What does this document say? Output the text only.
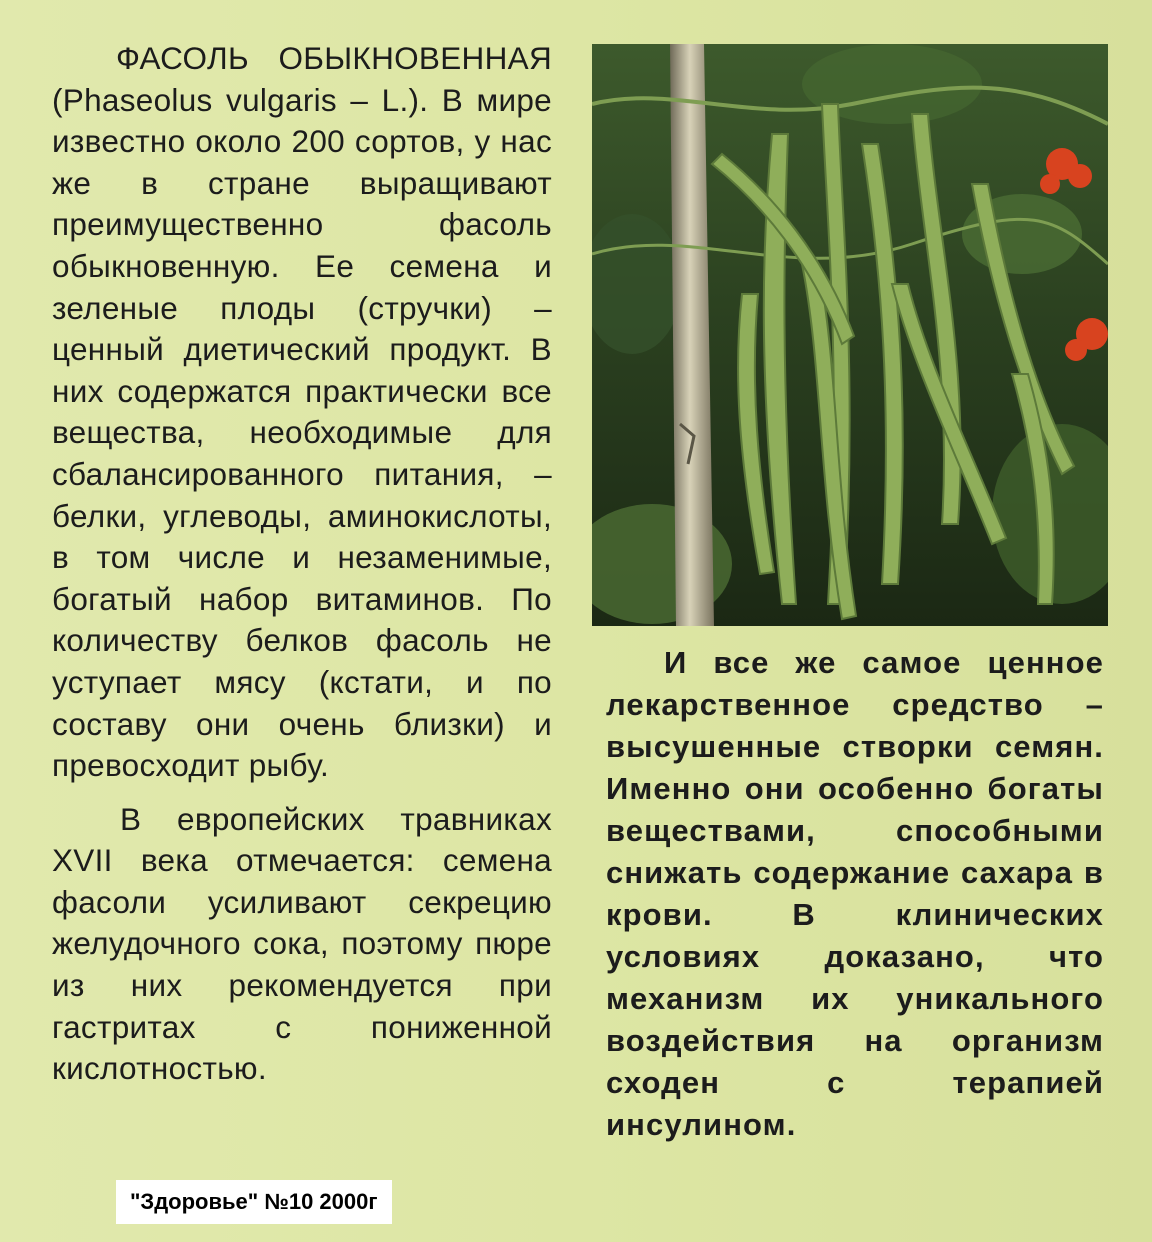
ФАСОЛЬ ОБЫКНОВЕННАЯ (Phaseolus vulgaris – L.). В мире известно около 200 сортов, у нас же в стране выращивают преимущественно фасоль обыкновенную. Ее семена и зеленые плоды (стручки) – ценный диетический продукт. В них содержатся практически все вещества, необходимые для сбалансированного питания, – белки, углеводы, аминокислоты, в том числе и незаменимые, богатый набор витаминов. По количеству белков фасоль не уступает мясу (кстати, и по составу они очень близки) и превосходит рыбу.

В европейских травниках XVII века отмечается: семена фасоли усиливают секрецию желудочного сока, поэтому пюре из них рекомендуется при гастритах с пониженной кислотностью.

И все же самое ценное лекарственное средство – высушенные створки семян. Именно они особенно богаты веществами, способными снижать содержание сахара в крови. В клинических условиях доказано, что механизм их уникального воздействия на организм сходен с терапией инсулином.

"Здоровье" №10 2000г
